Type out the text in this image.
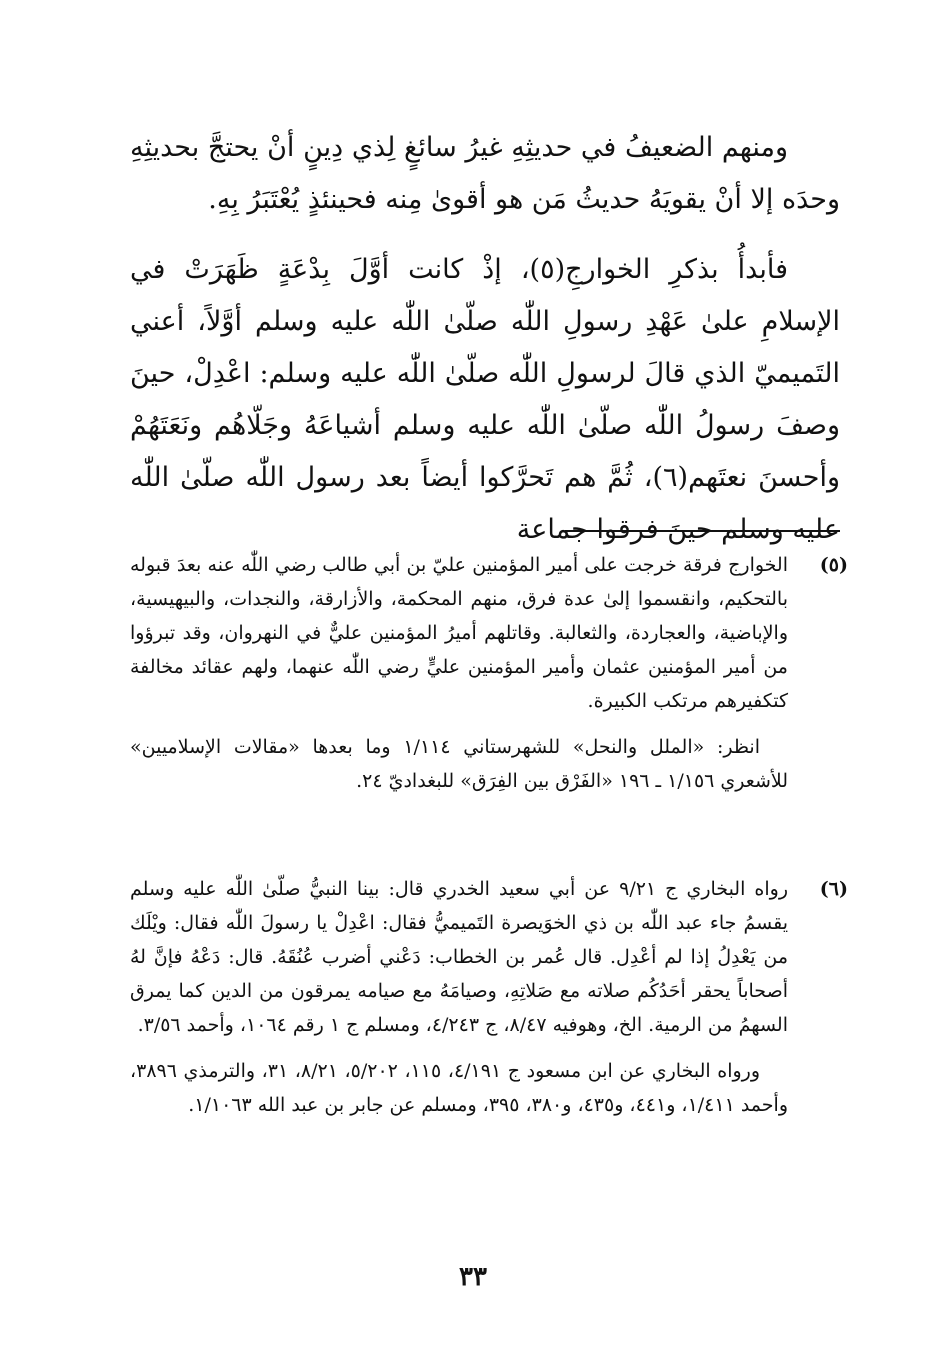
ومنهم الضعيفُ في حديثِهِ غيرُ سائغٍ لِذي دِينٍ أنْ يحتجَّ بحديثِهِ وحدَه إلا أنْ يقويَهُ حديثُ مَن هو أقوىٰ مِنه فحينئذٍ يُعْتَبَرُ بِهِ.

فأبدأُ بذكرِ الخوارجِ(٥)، إذْ كانت أوَّلَ بِدْعَةٍ ظَهَرَتْ في الإسلامِ علىٰ عَهْدِ رسولِ اللّٰه صلّىٰ اللّٰه عليه وسلم أوَّلاً، أعني التَميميّ الذي قالَ لرسولِ اللّٰه صلّىٰ اللّٰه عليه وسلم: اعْدِلْ، حينَ وصفَ رسولُ اللّٰه صلّىٰ اللّٰه عليه وسلم أشياعَهُ وجَلّاهُم ونَعَتَهُمْ وأحسنَ نعتَهم(٦)، ثُمَّ هم تَحرَّكوا أيضاً بعد رسول اللّٰه صلّىٰ اللّٰه عليه وسلم حينَ فرقوا جماعة

(٥)

الخوارج فرقة خرجت على أمير المؤمنين عليّ بن أبي طالب رضي اللّٰه عنه بعدَ قبوله بالتحكيم، وانقسموا إلىٰ عدة فرق، منهم المحكمة، والأزارقة، والنجدات، والبيهيسية، والإباضية، والعجاردة، والثعالبة. وقاتلهم أميرُ المؤمنين عليٌّ في النهروان، وقد تبرؤوا من أمير المؤمنين عثمان وأمير المؤمنين عليٍّ رضي اللّٰه عنهما، ولهم عقائد مخالفة كتكفيرهم مرتكب الكبيرة.

انظر: «الملل والنحل» للشهرستاني ١/١١٤ وما بعدها «مقالات الإسلاميين» للأشعري ١/١٥٦ ـ ١٩٦ «الفَرْق بين الفِرَق» للبغداديّ ٢٤.

(٦)

رواه البخاري ج ٩/٢١ عن أبي سعيد الخدري قال: بينا النبيُّ صلّىٰ اللّٰه عليه وسلم يقسمُ جاء عبد اللّٰه بن ذي الخوَيصرة التَميميُّ فقال: اعْدِلْ يا رسولَ اللّٰه فقال: ويْلَك من يَعْدِلُ إذا لم أعْدِل. قال عُمر بن الخطاب: دَعْني أضرب عُنُقَهُ. قال: دَعْهُ فإنَّ لهُ أصحاباً يحقر أحَدُكُم صلاته مع صَلاتِهِ، وصيامَهُ مع صيامه يمرقون من الدين كما يمرق السهمُ من الرمية. الخ، وهوفيه ٨/٤٧، ج ٤/٢٤٣، ومسلم ج ١ رقم ١٠٦٤، وأحمد ٣/٥٦.

ورواه البخاري عن ابن مسعود ج ٤/١٩١، ١١٥، ٥/٢٠٢، ٨/٢١، ٣١، والترمذي ٣٨٩٦، وأحمد ١/٤١١، و٤٤١، و٤٣٥، و٣٨٠، ٣٩٥، ومسلم عن جابر بن عبد الله ١/١٠٦٣.

٣٣
